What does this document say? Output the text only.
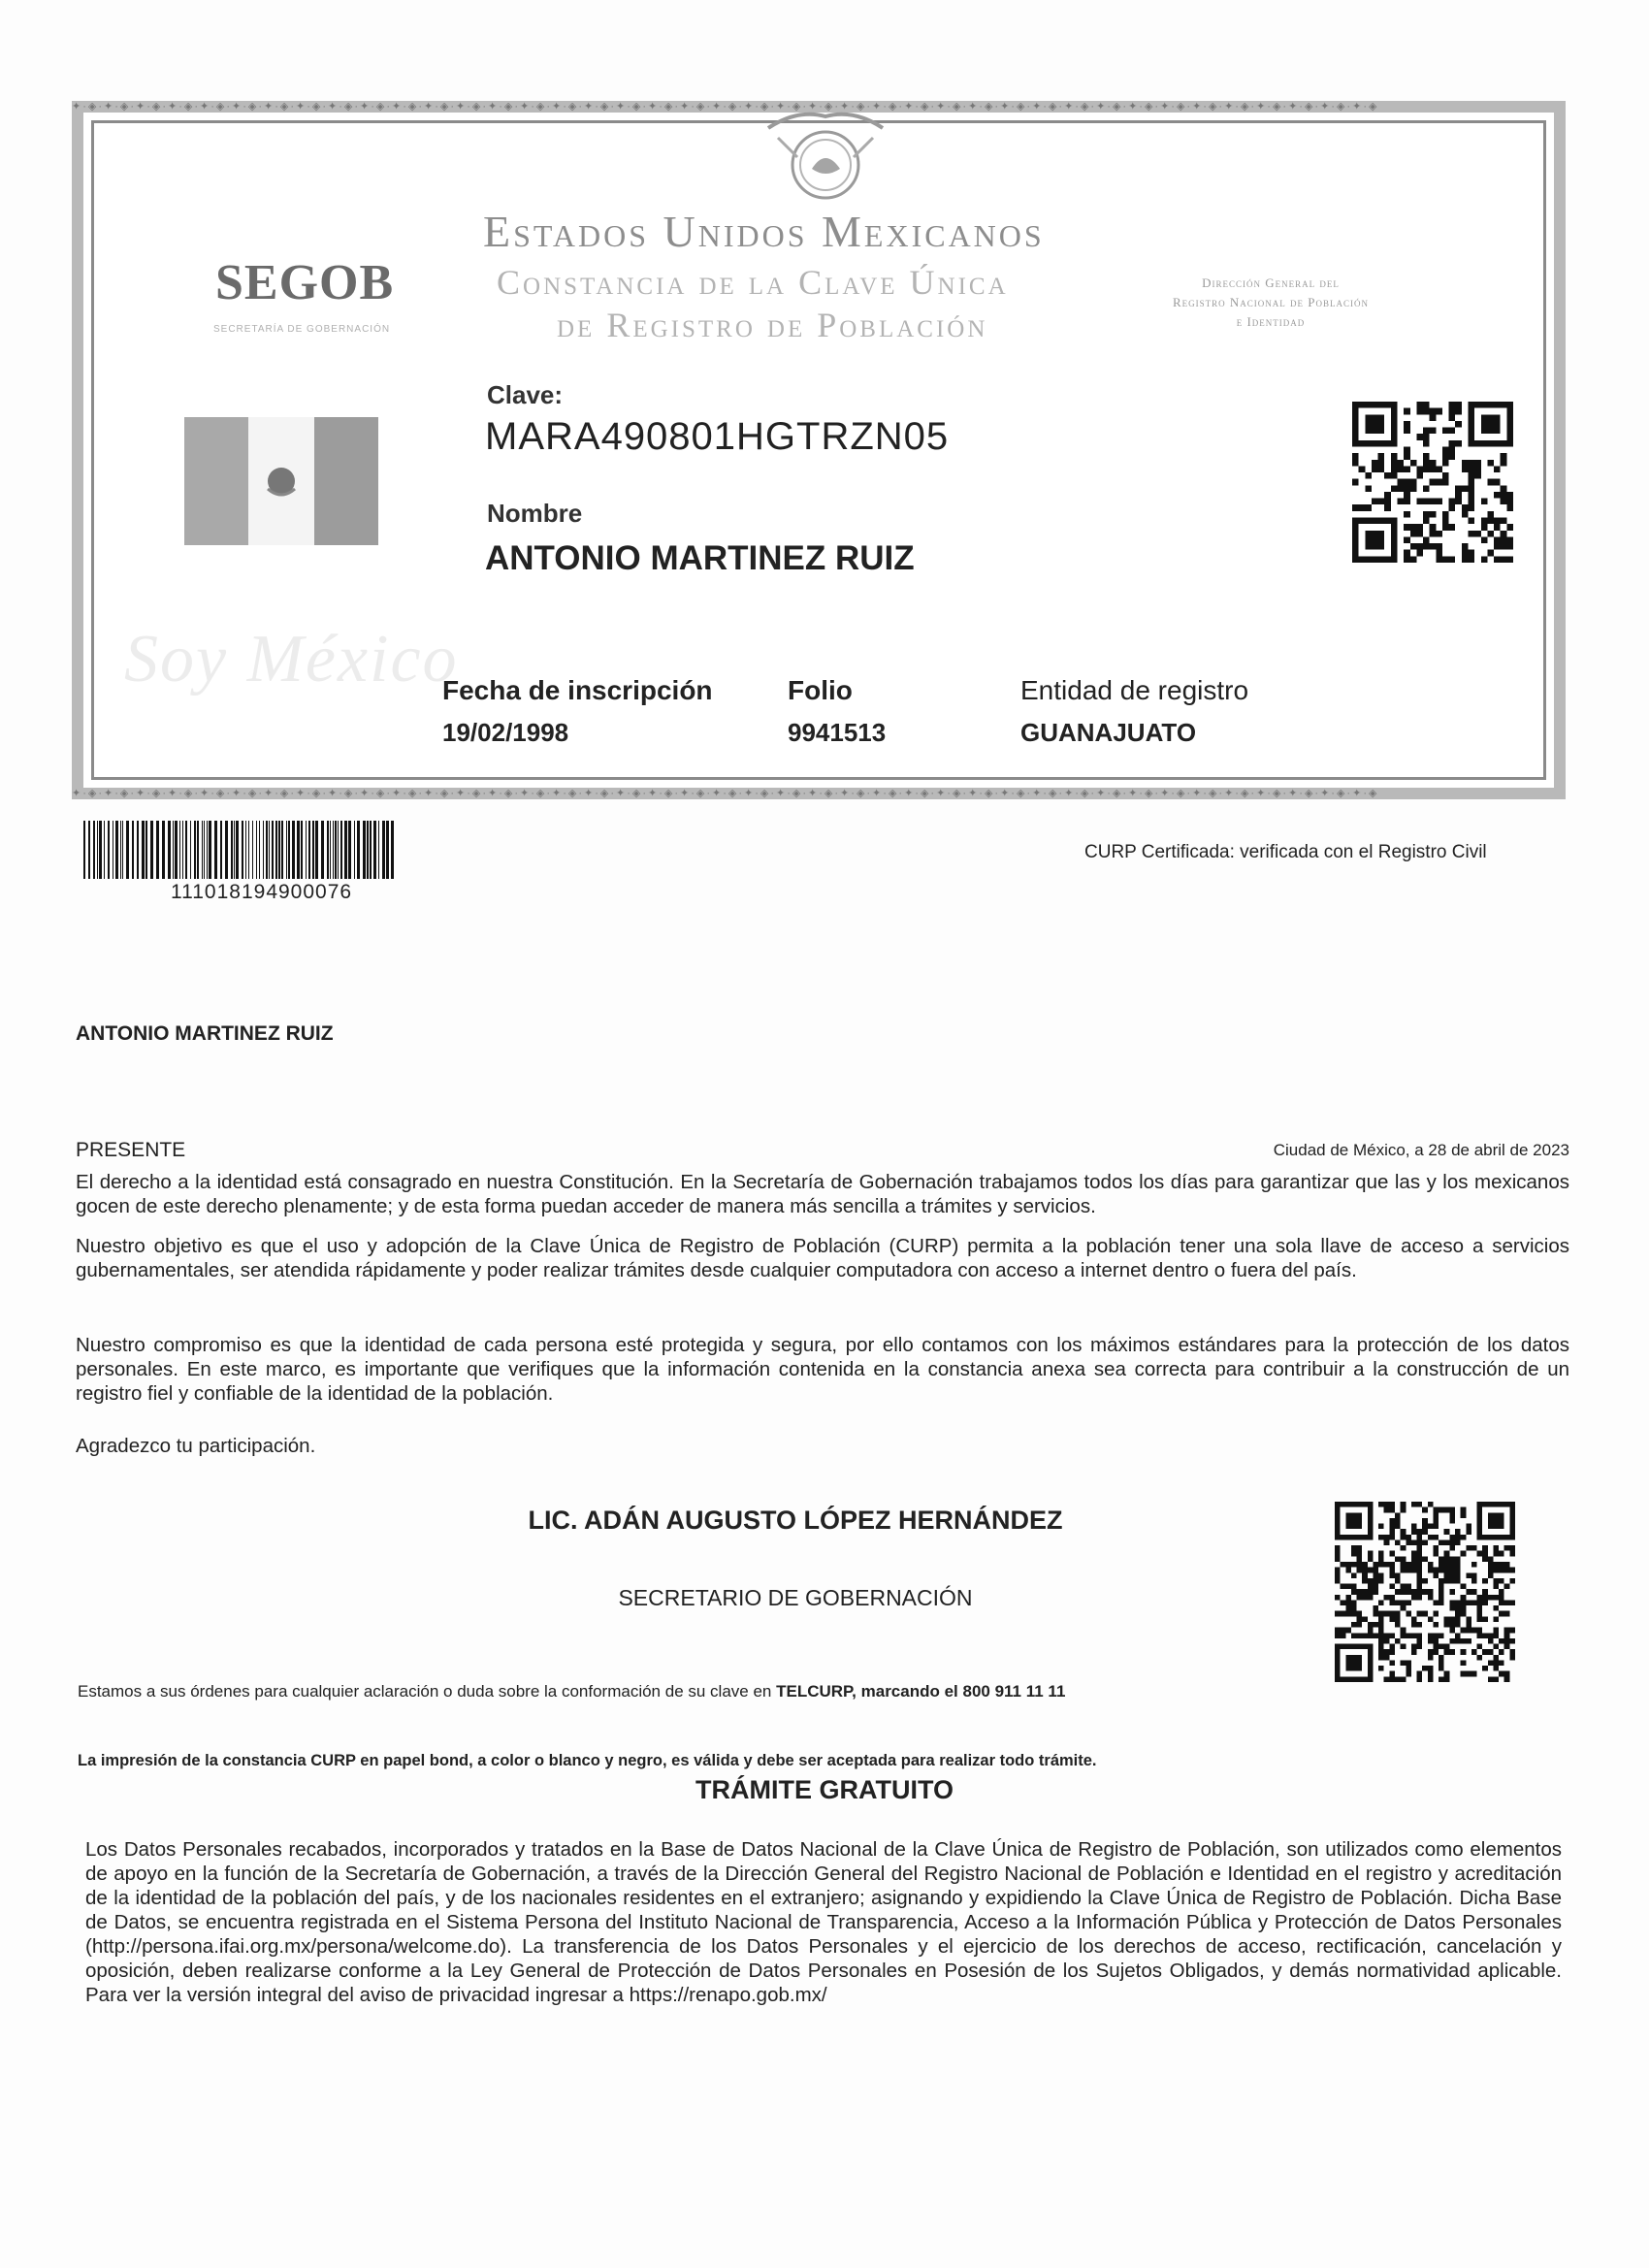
✦·◈·✦·◈·✦·◈·✦·◈·✦·◈·✦·◈·✦·◈·✦·◈·✦·◈·✦·◈·✦·◈·✦·◈·✦·◈·✦·◈·✦·◈·✦·◈·✦·◈·✦·◈·✦·◈·✦·◈·✦·◈·✦·◈·✦·◈·✦·◈·✦·◈·✦·◈·✦·◈·✦·◈·✦·◈·✦·◈·✦·◈·✦·◈·✦·◈·✦·◈·✦·◈·✦·◈·✦·◈·✦·◈·✦·◈·✦·◈·✦·◈
✦·◈·✦·◈·✦·◈·✦·◈·✦·◈·✦·◈·✦·◈·✦·◈·✦·◈·✦·◈·✦·◈·✦·◈·✦·◈·✦·◈·✦·◈·✦·◈·✦·◈·✦·◈·✦·◈·✦·◈·✦·◈·✦·◈·✦·◈·✦·◈·✦·◈·✦·◈·✦·◈·✦·◈·✦·◈·✦·◈·✦·◈·✦·◈·✦·◈·✦·◈·✦·◈·✦·◈·✦·◈·✦·◈·✦·◈·✦·◈·✦·◈
SEGOB
SECRETARÍA DE GOBERNACIÓN
Estados Unidos Mexicanos
Constancia de la Clave Única
de Registro de Población
Dirección General del
Registro Nacional de Población
e Identidad
Soy México
Clave:
MARA490801HGTRZN05
Nombre
ANTONIO MARTINEZ RUIZ
Fecha de inscripción
19/02/1998
Folio
9941513
Entidad de registro
GUANAJUATO
111018194900076
CURP Certificada: verificada con el Registro Civil
ANTONIO MARTINEZ RUIZ
PRESENTE	Ciudad de México, a 28 de abril de 2023
El derecho a la identidad está consagrado en nuestra Constitución. En la Secretaría de Gobernación trabajamos todos los días para garantizar que las y los mexicanos gocen de este derecho plenamente; y de esta forma puedan acceder de manera más sencilla a trámites y servicios.
Nuestro objetivo es que el uso y adopción de la Clave Única de Registro de Población (CURP) permita a la población tener una sola llave de acceso a servicios gubernamentales, ser atendida rápidamente y poder realizar trámites desde cualquier computadora con acceso a internet dentro o fuera del país.
Nuestro compromiso es que la identidad de cada persona esté protegida y segura, por ello contamos con los máximos estándares para la protección de los datos personales. En este marco, es importante que verifiques que la información contenida en la constancia anexa sea correcta para contribuir a la construcción de un registro fiel y confiable de la identidad de la población.
Agradezco tu participación.
LIC. ADÁN AUGUSTO LÓPEZ HERNÁNDEZ
SECRETARIO DE GOBERNACIÓN
Estamos a sus órdenes para cualquier aclaración o duda sobre la conformación de su clave en TELCURP, marcando el 800 911 11 11
La impresión de la constancia CURP en papel bond, a color o blanco y negro, es válida y debe ser aceptada para realizar todo trámite.
TRÁMITE GRATUITO
Los Datos Personales recabados, incorporados y tratados en la Base de Datos Nacional de la Clave Única de Registro de Población, son utilizados como elementos de apoyo en la función de la Secretaría de Gobernación, a través de la Dirección General del Registro Nacional de Población e Identidad en el registro y acreditación de la identidad de la población del país, y de los nacionales residentes en el extranjero; asignando y expidiendo la Clave Única de Registro de Población. Dicha Base de Datos, se encuentra registrada en el Sistema Persona del Instituto Nacional de Transparencia, Acceso a la Información Pública y Protección de Datos Personales (http://persona.ifai.org.mx/persona/welcome.do). La transferencia de los Datos Personales y el ejercicio de los derechos de acceso, rectificación, cancelación y oposición, deben realizarse conforme a la Ley General de Protección de Datos Personales en Posesión de los Sujetos Obligados, y demás normatividad aplicable. Para ver la versión integral del aviso de privacidad ingresar a https://renapo.gob.mx/
